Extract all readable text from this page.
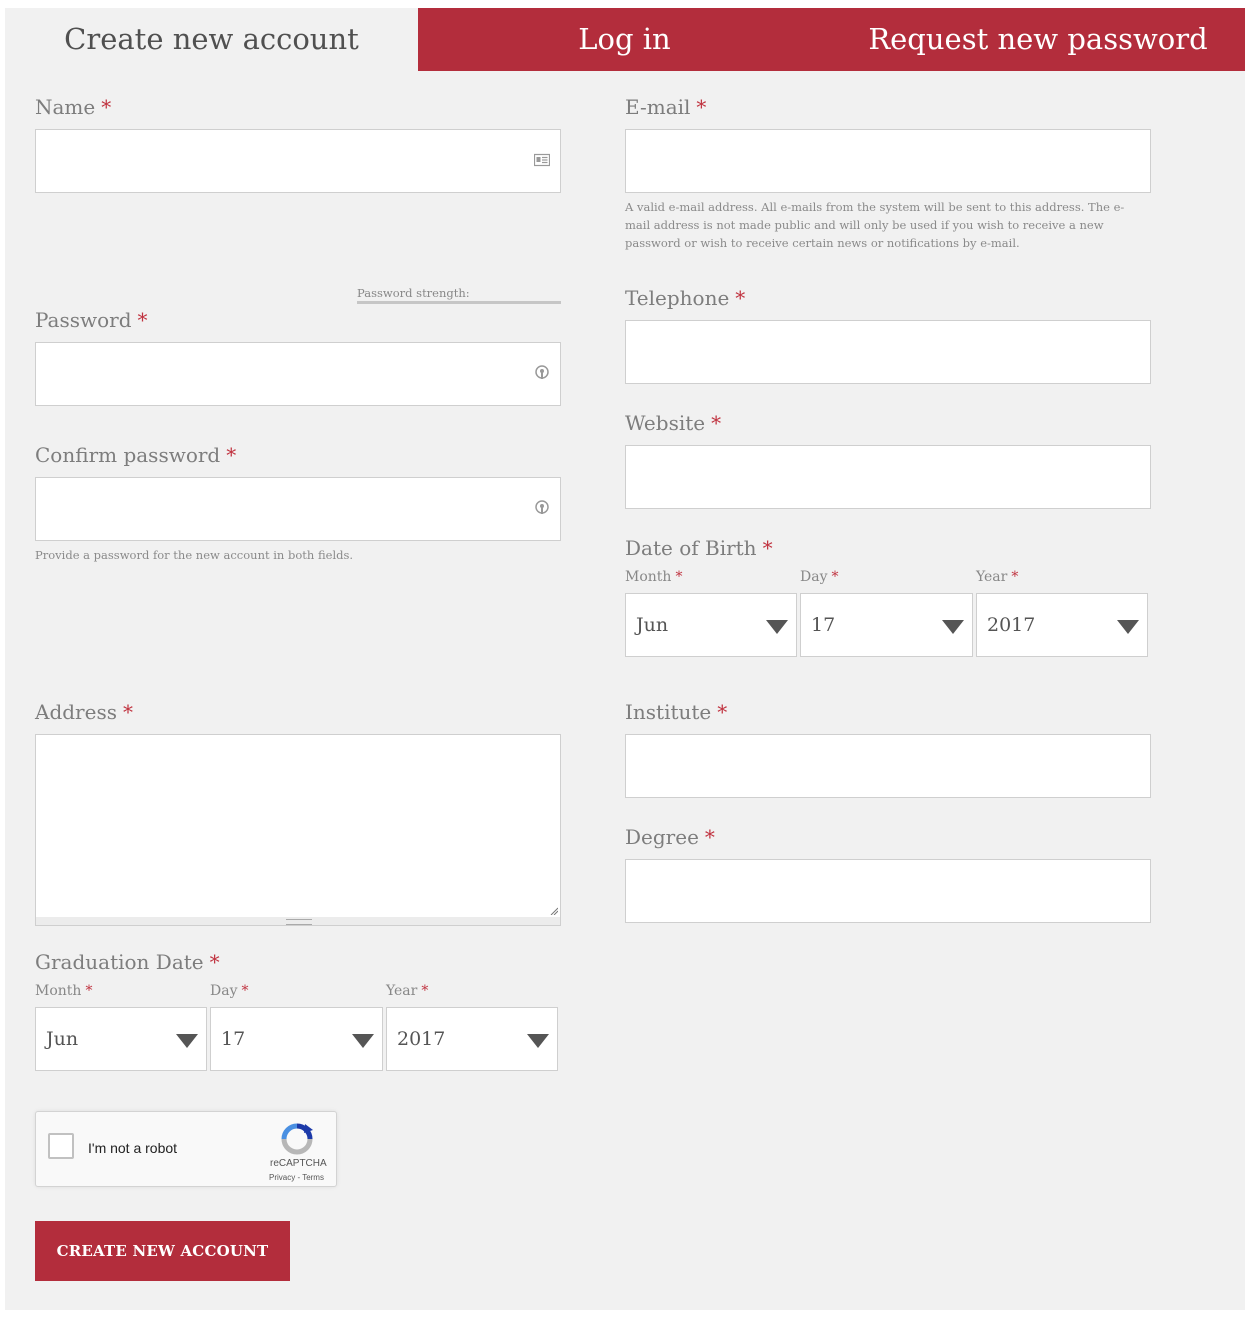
Create new account	Log in	Request new password
Name *	E-mail *
A valid e-mail address. All e-mails from the system will be sent to this address. The e-mail address is not made public and will only be used if you wish to receive a new password or wish to receive certain news or notifications by e-mail.
Password strength:
Password *
Confirm password *
Provide a password for the new account in both fields.
Telephone *
Website *
Date of Birth *
Month *	Day *	Year *
Jun	17	2017
Address *	Institute *
Degree *
Graduation Date *
Month *	Day *	Year *
Jun	17	2017
I'm not a robot
reCAPTCHA
Privacy - Terms
CREATE NEW ACCOUNT
